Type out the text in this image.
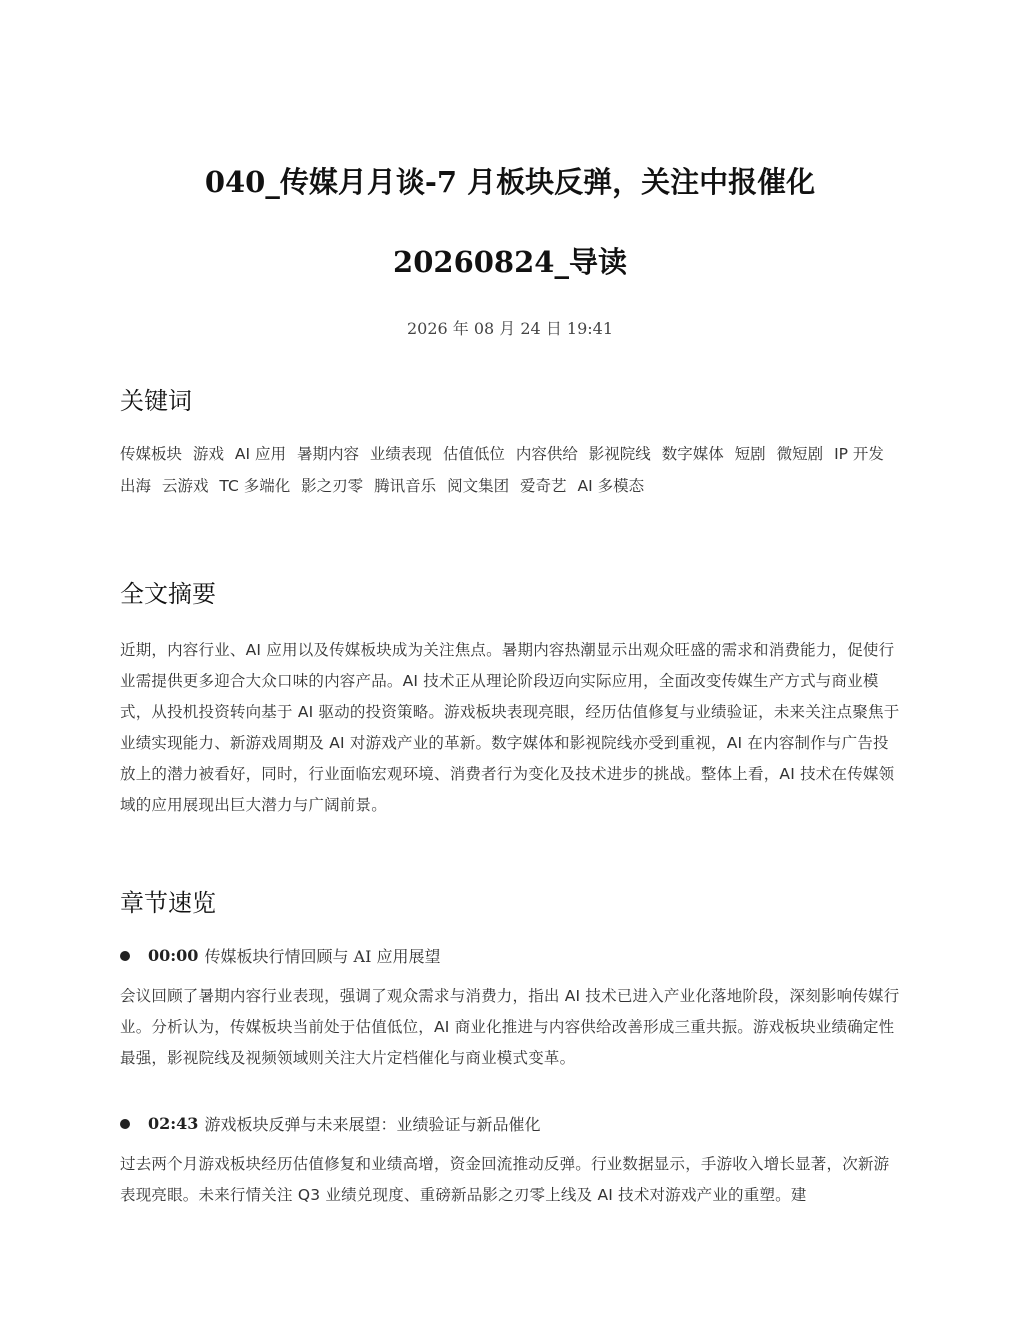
040_传媒月月谈-7 月板块反弹，关注中报催化 20260824_导读
2026 年 08 月 24 日 19:41
关键词
传媒板块 游戏 AI 应用 暑期内容 业绩表现 估值低位 内容供给 影视院线 数字媒体 短剧 微短剧 IP 开发 出海 云游戏 TC 多端化 影之刃零 腾讯音乐 阅文集团 爱奇艺 AI 多模态
全文摘要
近期，内容行业、AI 应用以及传媒板块成为关注焦点。暑期内容热潮显示出观众旺盛的需求和消费能力，促使行业需提供更多迎合大众口味的内容产品。AI 技术正从理论阶段迈向实际应用，全面改变传媒生产方式与商业模式，从投机投资转向基于 AI 驱动的投资策略。游戏板块表现亮眼，经历估值修复与业绩验证，未来关注点聚焦于业绩实现能力、新游戏周期及 AI 对游戏产业的革新。数字媒体和影视院线亦受到重视，AI 在内容制作与广告投放上的潜力被看好，同时，行业面临宏观环境、消费者行为变化及技术进步的挑战。整体上看，AI 技术在传媒领域的应用展现出巨大潜力与广阔前景。
章节速览
00:00 传媒板块行情回顾与 AI 应用展望
会议回顾了暑期内容行业表现，强调了观众需求与消费力，指出 AI 技术已进入产业化落地阶段，深刻影响传媒行业。分析认为，传媒板块当前处于估值低位，AI 商业化推进与内容供给改善形成三重共振。游戏板块业绩确定性最强，影视院线及视频领域则关注大片定档催化与商业模式变革。
02:43 游戏板块反弹与未来展望：业绩验证与新品催化
过去两个月游戏板块经历估值修复和业绩高增，资金回流推动反弹。行业数据显示，手游收入增长显著，次新游表现亮眼。未来行情关注 Q3 业绩兑现度、重磅新品影之刃零上线及 AI 技术对游戏产业的重塑。建
